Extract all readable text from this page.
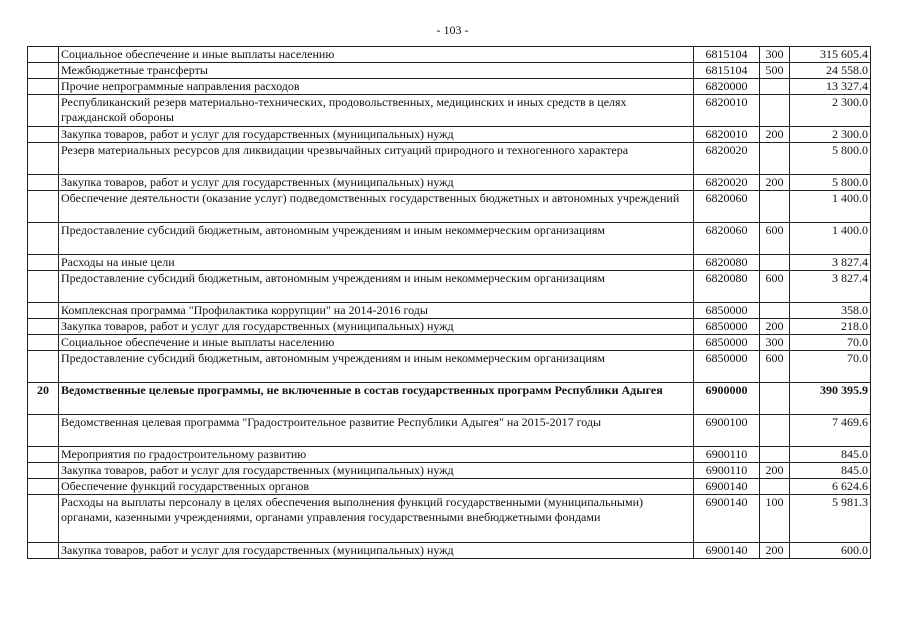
- 103 -
	Социальное обеспечение и иные выплаты населению	6815104	300	315 605.4
	Межбюджетные трансферты	6815104	500	24 558.0
	Прочие непрограммные направления расходов	6820000		13 327.4
	Республиканский резерв материально-технических, продовольственных, медицинских и иных средств в целях гражданской обороны	6820010		2 300.0
	Закупка товаров, работ и услуг для государственных (муниципальных) нужд	6820010	200	2 300.0
	Резерв материальных ресурсов для ликвидации чрезвычайных ситуаций природного и техногенного характера	6820020		5 800.0
	Закупка товаров, работ и услуг для государственных (муниципальных) нужд	6820020	200	5 800.0
	Обеспечение деятельности (оказание услуг) подведомственных государственных бюджетных и автономных учреждений	6820060		1 400.0
	Предоставление субсидий бюджетным, автономным учреждениям и иным некоммерческим организациям	6820060	600	1 400.0
	Расходы на иные цели	6820080		3 827.4
	Предоставление субсидий бюджетным, автономным учреждениям и иным некоммерческим организациям	6820080	600	3 827.4
	Комплексная программа "Профилактика коррупции" на 2014-2016 годы	6850000		358.0
	Закупка товаров, работ и услуг для государственных (муниципальных) нужд	6850000	200	218.0
	Социальное обеспечение и иные выплаты населению	6850000	300	70.0
	Предоставление субсидий бюджетным, автономным учреждениям и иным некоммерческим организациям	6850000	600	70.0
20	Ведомственные целевые программы, не включенные в состав государственных программ Республики Адыгея	6900000		390 395.9
	Ведомственная целевая программа "Градостроительное развитие Республики Адыгея" на 2015-2017 годы	6900100		7 469.6
	Мероприятия по градостроительному развитию	6900110		845.0
	Закупка товаров, работ и услуг для государственных (муниципальных) нужд	6900110	200	845.0
	Обеспечение функций государственных органов	6900140		6 624.6
	Расходы на выплаты персоналу в целях обеспечения выполнения функций государственными (муниципальными) органами, казенными учреждениями, органами управления государственными внебюджетными фондами	6900140	100	5 981.3
	Закупка товаров, работ и услуг для государственных (муниципальных) нужд	6900140	200	600.0
